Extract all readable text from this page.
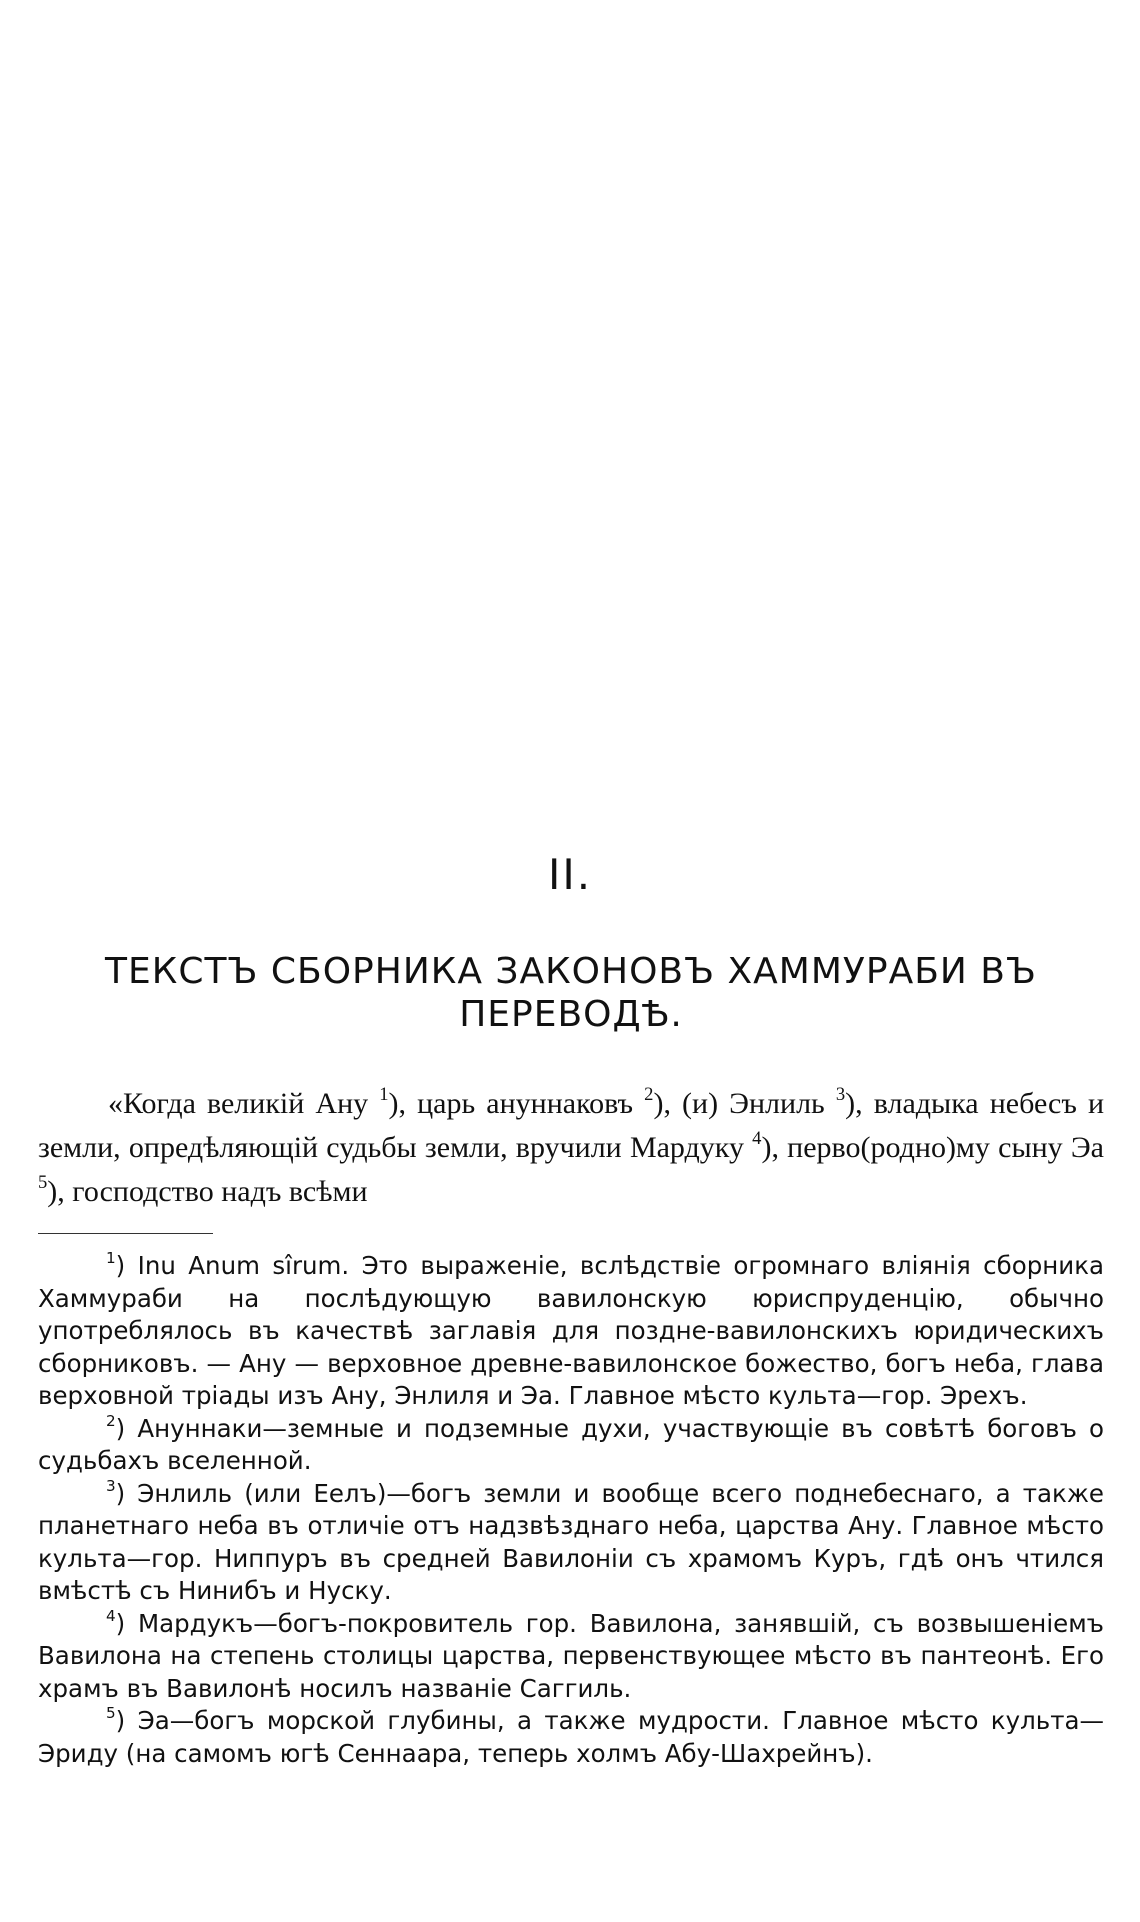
II.
ТЕКСТЪ СБОРНИКА ЗАКОНОВЪ ХАММУРАБИ ВЪ ПЕРЕВОДѢ.

«Когда великій Ану $^1$), царь ануннаковъ $^2$), (и) Энлиль $^3$), владыка небесъ и земли, опредѣляющій судьбы земли, вручили Мардуку $^4$), перво(родно)му сыну Эа $^5$), господство надъ всѣми

$^1$) Inu Anum sîrum. Это выраженіе, вслѣдствіе огромнаго вліянія сборника Хаммураби на послѣдующую вавилонскую юриспруденцію, обычно употреблялось въ качествѣ заглавія для поздне-вавилонскихъ юридическихъ сборниковъ. — Ану — верховное древне-вавилонское божество, богъ неба, глава верховной тріады изъ Ану, Энлиля и Эа. Главное мѣсто культа—гор. Эрехъ.

$^2$) Ануннаки—земные и подземные духи, участвующіе въ совѣтѣ боговъ о судьбахъ вселенной.

$^3$) Энлиль (или Еелъ)—богъ земли и вообще всего поднебеснаго, а также планетнаго неба въ отличіе отъ надзвѣзднаго неба, царства Ану. Главное мѣсто культа—гор. Ниппуръ въ средней Вавилоніи съ храмомъ Куръ, гдѣ онъ чтился вмѣстѣ съ Нинибъ и Нуску.

$^4$) Мардукъ—богъ-покровитель гор. Вавилона, занявшій, съ возвышеніемъ Вавилона на степень столицы царства, первенствующее мѣсто въ пантеонѣ. Его храмъ въ Вавилонѣ носилъ названіе Саггиль.

$^5$) Эа—богъ морской глубины, а также мудрости. Главное мѣсто культа—Эриду (на самомъ югѣ Сеннаара, теперь холмъ Абу-Шахрейнъ).
